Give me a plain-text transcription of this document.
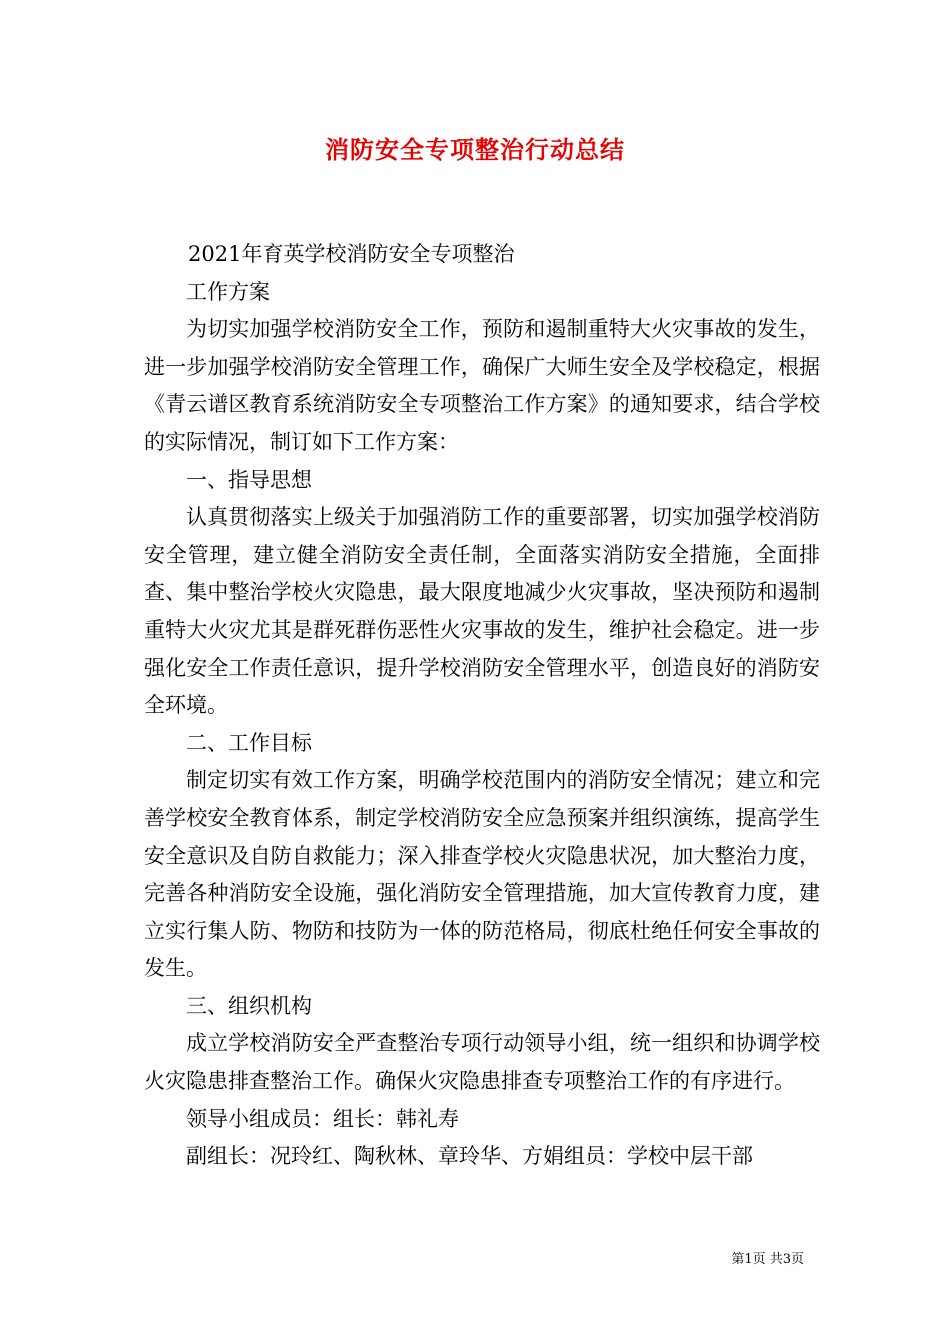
消防安全专项整治行动总结

2021年育英学校消防安全专项整治

工作方案

为切实加强学校消防安全工作，预防和遏制重特大火灾事故的发生，进一步加强学校消防安全管理工作，确保广大师生安全及学校稳定，根据《青云谱区教育系统消防安全专项整治工作方案》的通知要求，结合学校的实际情况，制订如下工作方案：

一、指导思想

认真贯彻落实上级关于加强消防工作的重要部署，切实加强学校消防安全管理，建立健全消防安全责任制，全面落实消防安全措施，全面排查、集中整治学校火灾隐患，最大限度地减少火灾事故，坚决预防和遏制重特大火灾尤其是群死群伤恶性火灾事故的发生，维护社会稳定。进一步强化安全工作责任意识，提升学校消防安全管理水平，创造良好的消防安全环境。

二、工作目标

制定切实有效工作方案，明确学校范围内的消防安全情况；建立和完善学校安全教育体系，制定学校消防安全应急预案并组织演练，提高学生安全意识及自防自救能力；深入排查学校火灾隐患状况，加大整治力度，完善各种消防安全设施，强化消防安全管理措施，加大宣传教育力度，建立实行集人防、物防和技防为一体的防范格局，彻底杜绝任何安全事故的发生。

三、组织机构

成立学校消防安全严查整治专项行动领导小组，统一组织和协调学校火灾隐患排查整治工作。确保火灾隐患排查专项整治工作的有序进行。

领导小组成员：组长：韩礼寿

副组长：况玲红、陶秋林、章玲华、方娟组员：学校中层干部

第1页 共3页
